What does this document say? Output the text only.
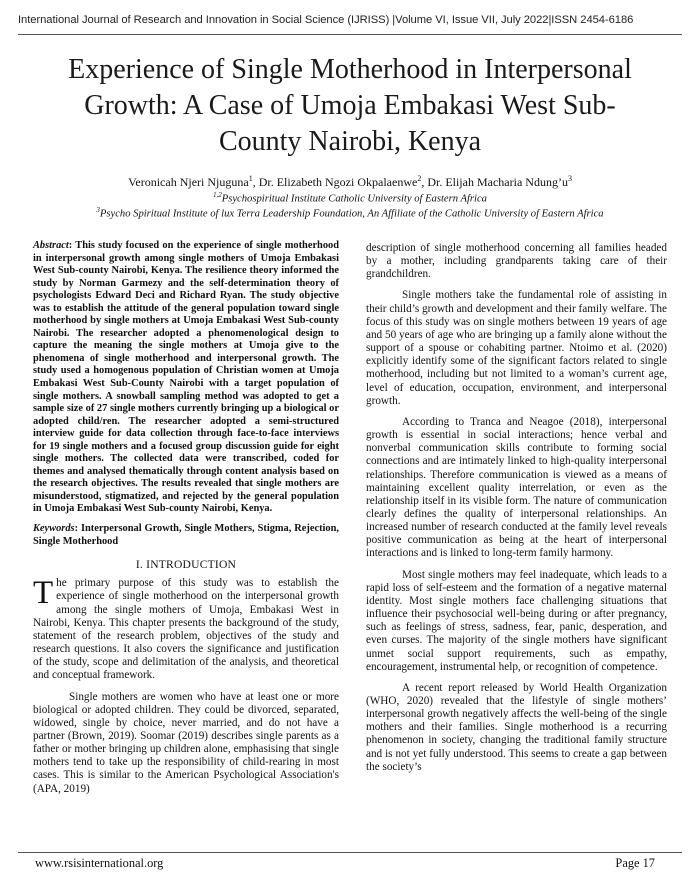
International Journal of Research and Innovation in Social Science (IJRISS) |Volume VI, Issue VII, July 2022|ISSN 2454-6186
Experience of Single Motherhood in Interpersonal
Growth: A Case of Umoja Embakasi West Sub-
County Nairobi, Kenya
Veronicah Njeri Njuguna$^1$, Dr. Elizabeth Ngozi Okpalaenwe$^2$, Dr. Elijah Macharia $Ndung’u^3$
$^{1,2}$Psychospiritual Institute Catholic University of Eastern Africa
$^3$Psycho Spiritual Institute of lux Terra Leadership Foundation, An Affiliate of the Catholic University of Eastern Africa

Abstract: This study focused on the experience of single motherhood in interpersonal growth among single mothers of Umoja Embakasi West Sub-county Nairobi, Kenya. The resilience theory informed the study by Norman Garmezy and the self-determination theory of psychologists Edward Deci and Richard Ryan. The study objective was to establish the attitude of the general population toward single motherhood by single mothers at Umoja Embakasi West Sub-county Nairobi. The researcher adopted a phenomenological design to capture the meaning the single mothers at Umoja give to the phenomena of single motherhood and interpersonal growth. The study used a homogenous population of Christian women at Umoja Embakasi West Sub-County Nairobi with a target population of single mothers. A snowball sampling method was adopted to get a sample size of 27 single mothers currently bringing up a biological or adopted child/ren. The researcher adopted a semi-structured interview guide for data collection through face-to-face interviews for 19 single mothers and a focused group discussion guide for eight single mothers. The collected data were transcribed, coded for themes and analysed thematically through content analysis based on the research objectives. The results revealed that single mothers are misunderstood, stigmatized, and rejected by the general population in Umoja Embakasi West Sub-county Nairobi, Kenya.

Keywords: Interpersonal Growth, Single Mothers, Stigma, Rejection, Single Motherhood

I. INTRODUCTION

The primary purpose of this study was to establish the experience of single motherhood on the interpersonal growth among the single mothers of Umoja, Embakasi West in Nairobi, Kenya. This chapter presents the background of the study, statement of the research problem, objectives of the study and research questions. It also covers the significance and justification of the study, scope and delimitation of the analysis, and theoretical and conceptual framework.

Single mothers are women who have at least one or more biological or adopted children. They could be divorced, separated, widowed, single by choice, never married, and do not have a partner (Brown, 2019). Soomar (2019) describes single parents as a father or mother bringing up children alone, emphasising that single mothers tend to take up the responsibility of child-rearing in most cases. This is similar to the American Psychological Association's (APA, 2019)

description of single motherhood concerning all families headed by a mother, including grandparents taking care of their grandchildren.

Single mothers take the fundamental role of assisting in their child’s growth and development and their family welfare. The focus of this study was on single mothers between 19 years of age and 50 years of age who are bringing up a family alone without the support of a spouse or cohabiting partner. Ntoimo et al. (2020) explicitly identify some of the significant factors related to single motherhood, including but not limited to a woman’s current age, level of education, occupation, environment, and interpersonal growth.

According to Tranca and Neagoe (2018), interpersonal growth is essential in social interactions; hence verbal and nonverbal communication skills contribute to forming social connections and are intimately linked to high-quality interpersonal relationships. Therefore communication is viewed as a means of maintaining excellent quality interrelation, or even as the relationship itself in its visible form. The nature of communication clearly defines the quality of interpersonal relationships. An increased number of research conducted at the family level reveals positive communication as being at the heart of interpersonal interactions and is linked to long-term family harmony.

Most single mothers may feel inadequate, which leads to a rapid loss of self-esteem and the formation of a negative maternal identity. Most single mothers face challenging situations that influence their psychosocial well-being during or after pregnancy, such as feelings of stress, sadness, fear, panic, desperation, and even curses. The majority of the single mothers have significant unmet social support requirements, such as empathy, encouragement, instrumental help, or recognition of competence.

A recent report released by World Health Organization (WHO, 2020) revealed that the lifestyle of single mothers’ interpersonal growth negatively affects the well-being of the single mothers and their families. Single motherhood is a recurring phenomenon in society, changing the traditional family structure and is not yet fully understood. This seems to create a gap between the society’s

www.rsisinternational.org	Page 17
